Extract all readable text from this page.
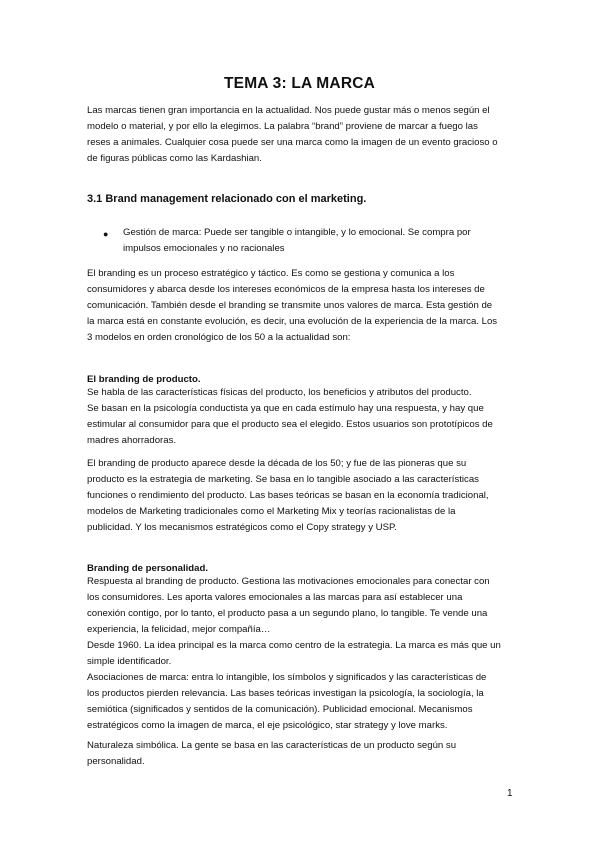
TEMA 3: LA MARCA

Las marcas tienen gran importancia en la actualidad. Nos puede gustar más o menos según el
modelo o material, y por ello la elegimos. La palabra “brand” proviene de marcar a fuego las
reses a animales. Cualquier cosa puede ser una marca como la imagen de un evento gracioso o
de figuras públicas como las Kardashian.

3.1 Brand management relacionado con el marketing.
● Gestión de marca: Puede ser tangible o intangible, y lo emocional. Se compra por
impulsos emocionales y no racionales

El branding es un proceso estratégico y táctico. Es como se gestiona y comunica a los
consumidores y abarca desde los intereses económicos de la empresa hasta los intereses de
comunicación. También desde el branding se transmite unos valores de marca. Esta gestión de
la marca está en constante evolución, es decir, una evolución de la experiencia de la marca. Los
3 modelos en orden cronológico de los 50 a la actualidad son:

El branding de producto.

Se habla de las características físicas del producto, los beneficios y atributos del producto.
Se basan en la psicología conductista ya que en cada estímulo hay una respuesta, y hay que
estimular al consumidor para que el producto sea el elegido. Estos usuarios son prototípicos de
madres ahorradoras.

El branding de producto aparece desde la década de los 50; y fue de las pioneras que su
producto es la estrategia de marketing. Se basa en lo tangible asociado a las características
funciones o rendimiento del producto. Las bases teóricas se basan en la economía tradicional,
modelos de Marketing tradicionales como el Marketing Mix y teorías racionalistas de la
publicidad. Y los mecanismos estratégicos como el Copy strategy y USP.

Branding de personalidad.

Respuesta al branding de producto. Gestiona las motivaciones emocionales para conectar con
los consumidores. Les aporta valores emocionales a las marcas para así establecer una
conexión contigo, por lo tanto, el producto pasa a un segundo plano, lo tangible. Te vende una
experiencia, la felicidad, mejor compañía…
Desde 1960. La idea principal es la marca como centro de la estrategia. La marca es más que un
simple identificador.

Asociaciones de marca: entra lo intangible, los símbolos y significados y las características de
los productos pierden relevancia. Las bases teóricas investigan la psicología, la sociología, la
semiótica (significados y sentidos de la comunicación). Publicidad emocional. Mecanismos
estratégicos como la imagen de marca, el eje psicológico, star strategy y love marks.

Naturaleza simbólica. La gente se basa en las características de un producto según su
personalidad.

1
